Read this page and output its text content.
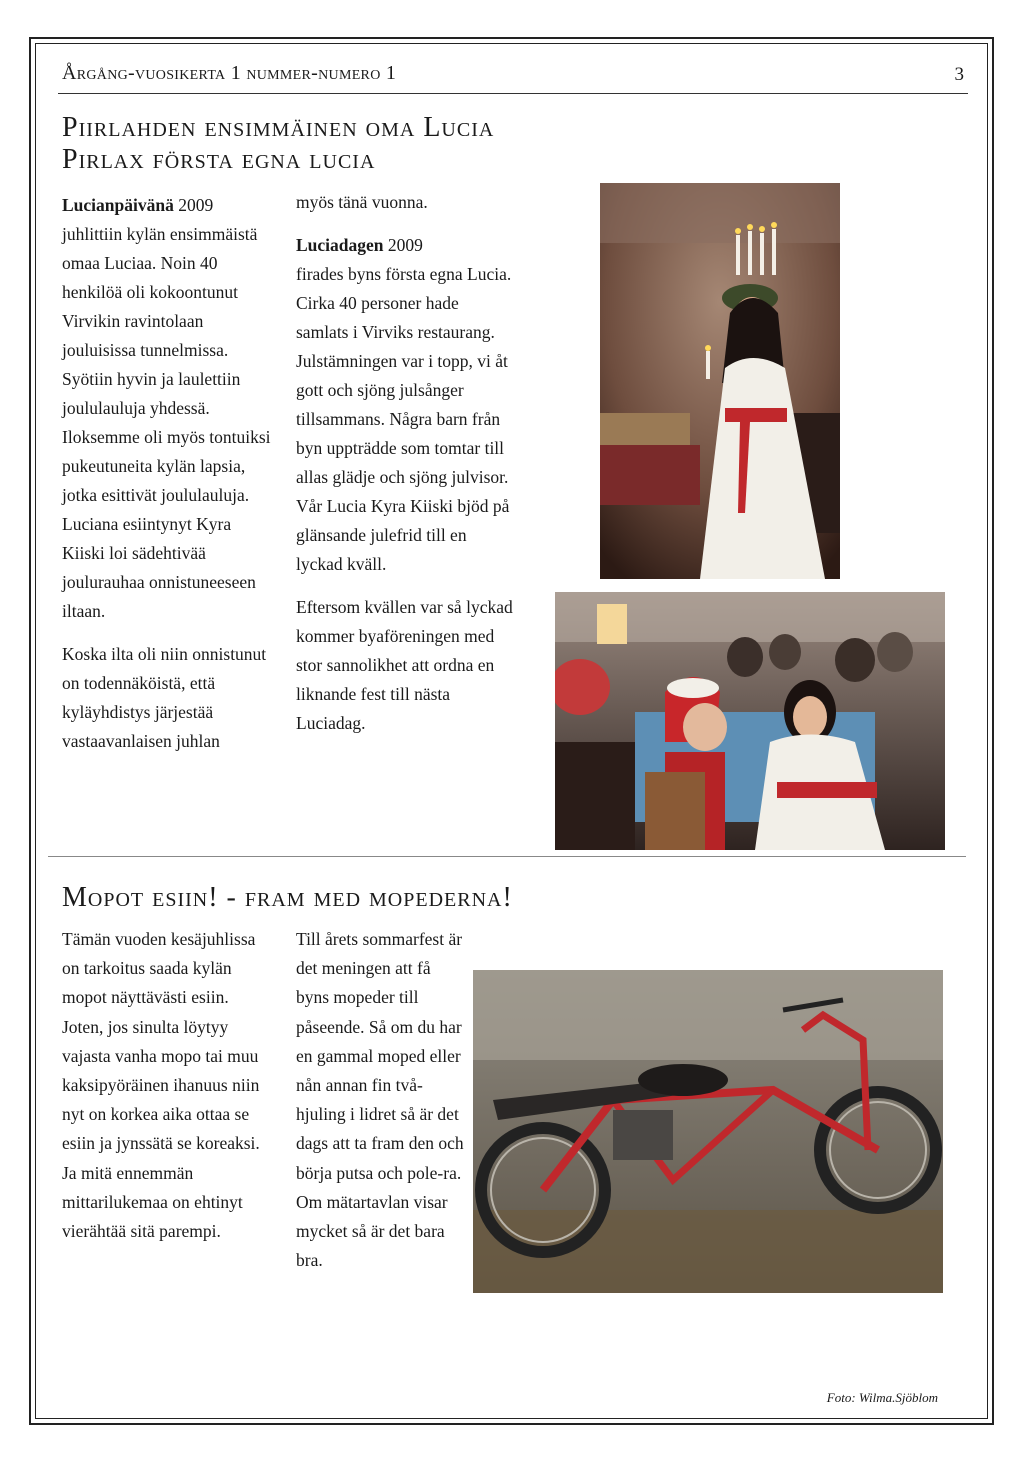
Årgång-vuosikerta 1 nummer-numero 1	3
Piirlahden ensimmäinen oma Lucia
Pirlax första egna lucia

Lucianpäivänä 2009
juhlittiin kylän ensimmäistä omaa Luciaa. Noin 40 henkilöä oli kokoontunut Virvikin ravintolaan jouluisissa tunnelmissa. Syötiin hyvin ja laulettiin joululauluja yhdessä. Iloksemme oli myös tontuiksi pukeutuneita kylän lapsia, jotka esittivät joululauluja. Luciana esiintynyt Kyra Kiiski loi sädehtivää joulurauhaa onnistuneeseen iltaan.

Koska ilta oli niin onnistunut on todennäköistä, että kyläyhdistys järjestää vastaavanlaisen juhlan

myös tänä vuonna.

Luciadagen 2009
firades byns första egna Lucia. Cirka 40 personer hade samlats i Virviks restaurang. Julstämningen var i topp, vi åt gott och sjöng julsånger tillsammans. Några barn från byn uppträdde som tomtar till allas glädje och sjöng julvisor. Vår Lucia Kyra Kiiski bjöd på glänsande julefrid till en lyckad kväll.

Eftersom kvällen var så lyckad kommer byaföreningen med stor sannolikhet att ordna en liknande fest till nästa Luciadag.

Mopot esiin! - fram med mopederna!

Tämän vuoden kesäjuhlissa on tarkoitus saada kylän mopot näyttävästi esiin. Joten, jos sinulta löytyy vajasta vanha mopo tai muu kaksipyöräinen ihanuus niin nyt on korkea aika ottaa se esiin ja jynssätä se koreaksi. Ja mitä ennemmän mittarilukemaa on ehtinyt vierähtää sitä parempi.

Till årets sommarfest är det meningen att få byns mopeder till påseende. Så om du har en gammal moped eller nån annan fin två-hjuling i lidret så är det dags att ta fram den och börja putsa och pole-ra. Om mätartavlan visar mycket så är det bara bra.

Foto: Wilma.Sjöblom
